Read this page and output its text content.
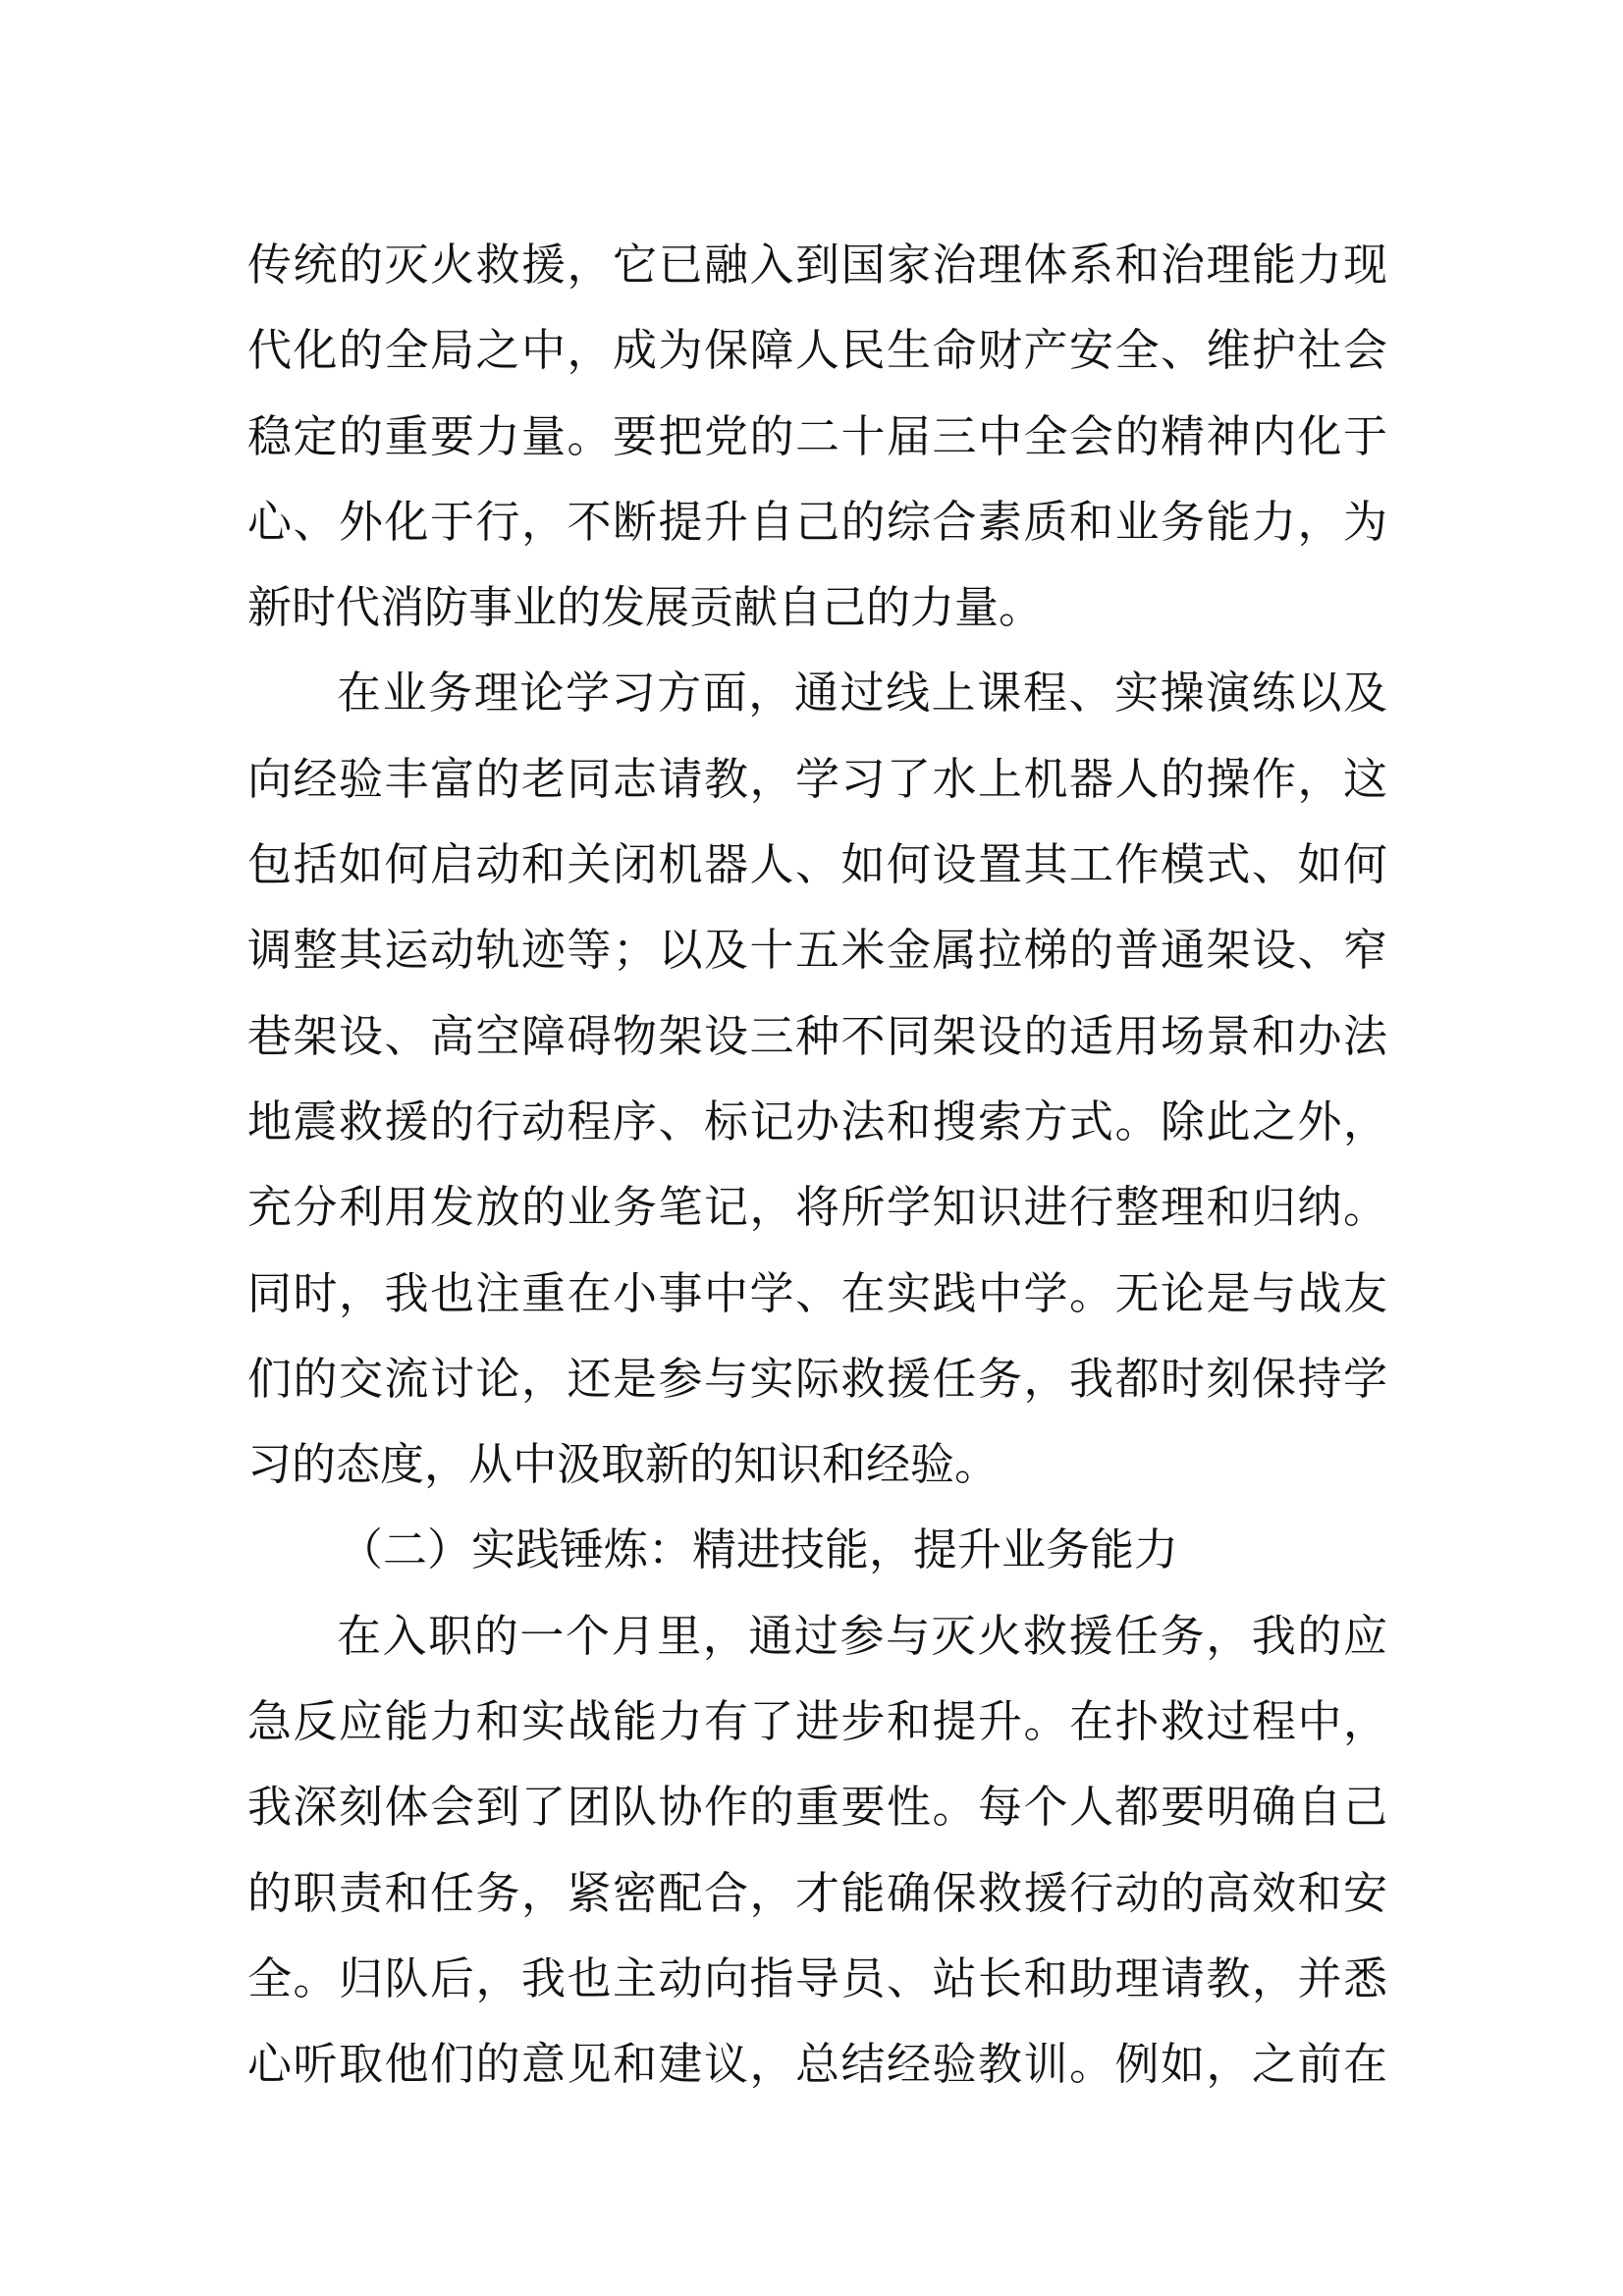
传统的灭火救援，它已融入到国家治理体系和治理能力现
代化的全局之中，成为保障人民生命财产安全、维护社会
稳定的重要力量。要把党的二十届三中全会的精神内化于
心、外化于行，不断提升自己的综合素质和业务能力，为
新时代消防事业的发展贡献自己的力量。
在业务理论学习方面，通过线上课程、实操演练以及
向经验丰富的老同志请教，学习了水上机器人的操作，这
包括如何启动和关闭机器人、如何设置其工作模式、如何
调整其运动轨迹等；以及十五米金属拉梯的普通架设、窄
巷架设、高空障碍物架设三种不同架设的适用场景和办法
地震救援的行动程序、标记办法和搜索方式。除此之外，
充分利用发放的业务笔记，将所学知识进行整理和归纳。
同时，我也注重在小事中学、在实践中学。无论是与战友
们的交流讨论，还是参与实际救援任务，我都时刻保持学
习的态度，从中汲取新的知识和经验。
（二）实践锤炼：精进技能，提升业务能力
在入职的一个月里，通过参与灭火救援任务，我的应
急反应能力和实战能力有了进步和提升。在扑救过程中，
我深刻体会到了团队协作的重要性。每个人都要明确自己
的职责和任务，紧密配合，才能确保救援行动的高效和安
全。归队后，我也主动向指导员、站长和助理请教，并悉
心听取他们的意见和建议，总结经验教训。例如，之前在
